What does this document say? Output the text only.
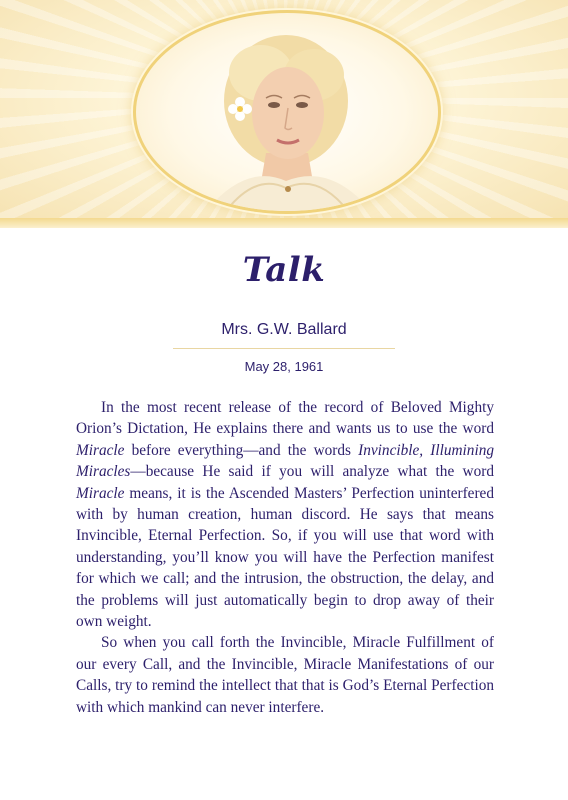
Talk
Mrs. G.W. Ballard
May 28, 1961

In the most recent release of the record of Beloved Mighty Orion’s Dictation, He explains there and wants us to use the word Miracle before everything—and the words Invincible, Illumining Miracles—because He said if you will analyze what the word Miracle means, it is the Ascended Masters’ Perfection uninterfered with by human creation, human discord. He says that means Invincible, Eternal Perfection. So, if you will use that word with understanding, you’ll know you will have the Perfection manifest for which we call; and the intrusion, the obstruction, the delay, and the problems will just automatically begin to drop away of their own weight.

So when you call forth the Invincible, Miracle Fulfillment of our every Call, and the Invincible, Miracle Manifestations of our Calls, try to remind the intellect that that is God’s Eternal Perfection with which mankind can never interfere.
